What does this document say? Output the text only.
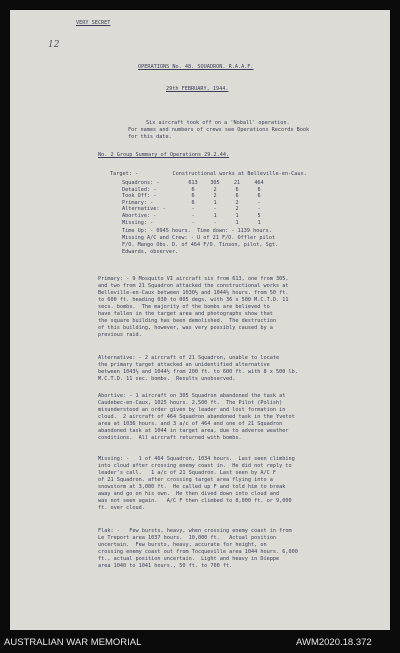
VERY SECRET
12
OPERATIONS No. 48. SQUADRON. R.A.A.F.
29th FEBRUARY, 1944.
Six aircraft took off on a 'Noball' operation.
For names and numbers of crews see Operations Records Book
for this date.
No. 2 Group Summary of Operations 29.2.44.
Target: -           Constructional works at Belleville-en-Caux.
Squadrons: -	613	305	21	464
Detailed: -	6	2	6	6
Took Off: -	6	2	6	6
Primary: -	6	1	2	-
Alternative: -	-	-	2	-
Abortive: -	-	1	1	5
Missing: -	-	-	1	1
Time Up: - 0945 hours.  Time down: - 1139 hours.
Missing A/C and Crew: - U of 21 F/O. Offler pilot
F/O. Mango Obs. D. of 464 F/O. Tinson, pilot, Sgt.
Edwards, observer.
Primary: - 9 Mosquito VI aircraft six from 613, one from 305,
and two from 21 Squadron attacked the constructional works at
Belleville-en-Caux between 1030½ and 1044½ hours. from 50 ft.
to 600 ft. heading 030 to 005 degs. with 36 x 500 M.C.T.D. 11
secs. bombs.  The majority of the bombs are believed to
have fallen in the target area and photographs show that
the square building has been demolished.  The destruction
of this building, however, was very possibly caused by a
previous raid.
Alternative: - 2 aircraft of 21 Squadron, unable to locate
the primary target attacked an unidentified alternative
between 1043½ and 1044½ from 200 ft. to 600 ft. with 8 x 500 lb.
M.C.T.D. 11 sec. bombs.  Results unobserved.
Abortive: - 1 aircraft on 305 Squadron abandoned the task at
Caudebec-en-Caux, 1025 hours. 2,500 ft.  The Pilot (Polish)
misunderstood an order given by leader and lost formation in
cloud.  2 aircraft of 464 Squadron abandoned task in the Yvetot
area at 1036 hours. and 3 a/c of 464 and one of 21 Squadron
abandoned task at 1044 in target area, due to adverse weather
conditions.  All aircraft returned with bombs.
Missing: -   1 of 464 Squadron, 1034 hours.  Last seen climbing
into cloud after crossing enemy coast in.  He did not reply to
leader's call.   1 a/c of 21 Squadron. Last seen by A/C F
of 21 Squadron. after crossing target area flying into a
snowstorm at 3,000 ft.  He called up F and told him to break
away and go on his own.  He then dived down into cloud and
was not seen again.   A/C F then climbed to 8,000 ft. or 9,000
ft. over cloud.
Flak: -   Few bursts, heavy, when crossing enemy coast in from
Le Treport area 1037 hours.  10,000 ft.   Actual position
uncertain.  Few bursts, heavy, accurate for height, on
crossing enemy coast out from Tocqueville area 1044 hours. 6,000
ft., actual position uncertain.  Light and heavy in Dieppe
area 1040 to 1041 hours., 50 ft. to 700 ft.
AUSTRALIAN WAR MEMORIAL	AWM2020.18.372
